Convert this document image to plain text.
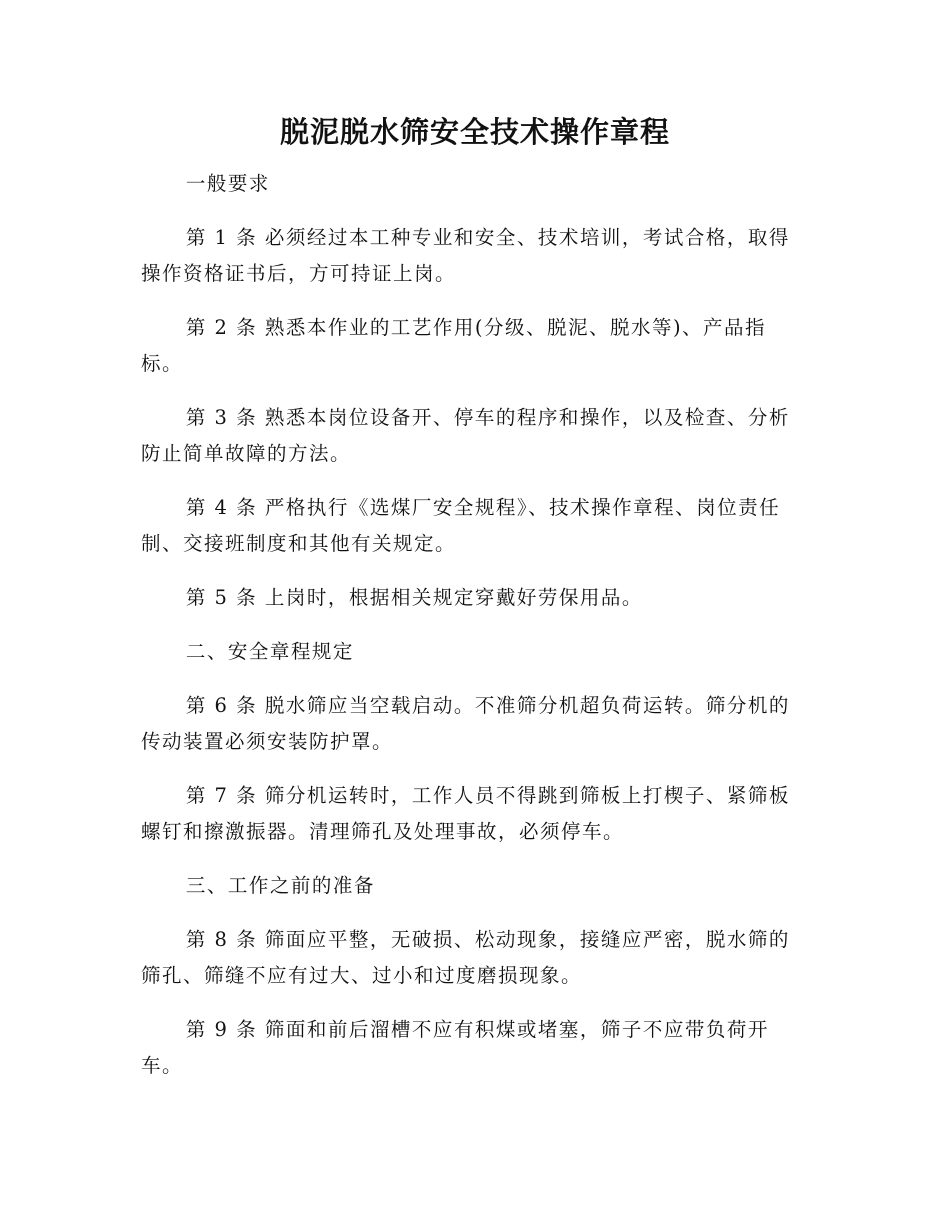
脱泥脱水筛安全技术操作章程

一般要求

第 1 条 必须经过本工种专业和安全、技术培训，考试合格，取得操作资格证书后，方可持证上岗。

第 2 条 熟悉本作业的工艺作用(分级、脱泥、脱水等)、产品指标。

第 3 条 熟悉本岗位设备开、停车的程序和操作，以及检查、分析防止简单故障的方法。

第 4 条 严格执行《选煤厂安全规程》、技术操作章程、岗位责任制、交接班制度和其他有关规定。

第 5 条 上岗时，根据相关规定穿戴好劳保用品。

二、安全章程规定

第 6 条 脱水筛应当空载启动。不准筛分机超负荷运转。筛分机的传动装置必须安装防护罩。

第 7 条 筛分机运转时，工作人员不得跳到筛板上打楔子、紧筛板螺钉和擦激振器。清理筛孔及处理事故，必须停车。

三、工作之前的准备

第 8 条 筛面应平整，无破损、松动现象，接缝应严密，脱水筛的筛孔、筛缝不应有过大、过小和过度磨损现象。

第 9 条 筛面和前后溜槽不应有积煤或堵塞，筛子不应带负荷开车。
